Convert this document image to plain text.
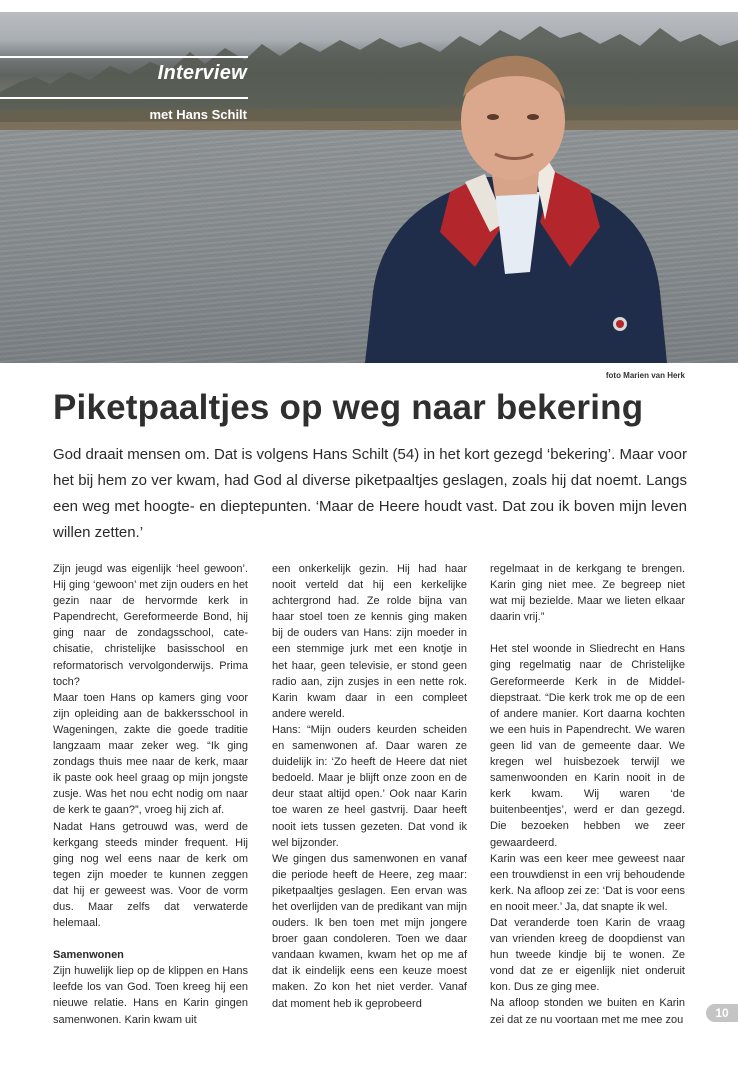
Interview
met Hans Schilt
foto Marien van Herk
Piketpaaltjes op weg naar bekering

God draait mensen om. Dat is volgens Hans Schilt (54) in het kort gezegd ‘bekering’. Maar voor het bij hem zo ver kwam, had God al diverse piketpaaltjes geslagen, zoals hij dat noemt. Langs een weg met hoogte- en dieptepunten. ‘Maar de Heere houdt vast. Dat zou ik boven mijn leven willen zetten.’

Zijn jeugd was eigenlijk ‘heel gewoon’. Hij ging ‘gewoon’ met zijn ouders en het gezin naar de hervormde kerk in Papendrecht, Gereformeerde Bond, hij ging naar de zondagsschool, cate-chisatie, christelijke basisschool en reformatorisch vervolgonderwijs. Prima toch?

Maar toen Hans op kamers ging voor zijn opleiding aan de bakkersschool in Wageningen, zakte die goede traditie langzaam maar zeker weg. “Ik ging zondags thuis mee naar de kerk, maar ik paste ook heel graag op mijn jongste zusje. Was het nou echt nodig om naar de kerk te gaan?”, vroeg hij zich af.

Nadat Hans getrouwd was, werd de kerkgang steeds minder frequent. Hij ging nog wel eens naar de kerk om tegen zijn moeder te kunnen zeggen dat hij er geweest was. Voor de vorm dus. Maar zelfs dat verwaterde helemaal.

Samenwonen

Zijn huwelijk liep op de klippen en Hans leefde los van God. Toen kreeg hij een nieuwe relatie. Hans en Karin gingen samenwonen. Karin kwam uit

een onkerkelijk gezin. Hij had haar nooit verteld dat hij een kerkelijke achtergrond had. Ze rolde bijna van haar stoel toen ze kennis ging maken bij de ouders van Hans: zijn moeder in een stemmige jurk met een knotje in het haar, geen televisie, er stond geen radio aan, zijn zusjes in een nette rok. Karin kwam daar in een compleet andere wereld.

Hans: “Mijn ouders keurden scheiden en samenwonen af. Daar waren ze duidelijk in: ‘Zo heeft de Heere dat niet bedoeld. Maar je blijft onze zoon en de deur staat altijd open.’ Ook naar Karin toe waren ze heel gastvrij. Daar heeft nooit iets tussen gezeten. Dat vond ik wel bijzonder.

We gingen dus samenwonen en vanaf die periode heeft de Heere, zeg maar: piketpaaltjes geslagen. Een ervan was het overlijden van de predikant van mijn ouders. Ik ben toen met mijn jongere broer gaan condoleren. Toen we daar vandaan kwamen, kwam het op me af dat ik eindelijk eens een keuze moest maken. Zo kon het niet verder. Vanaf dat moment heb ik geprobeerd

regelmaat in de kerkgang te brengen. Karin ging niet mee. Ze begreep niet wat mij bezielde. Maar we lieten elkaar daarin vrij.”

Het stel woonde in Sliedrecht en Hans ging regelmatig naar de Christelijke Gereformeerde Kerk in de Middel-diepstraat. “Die kerk trok me op de een of andere manier. Kort daarna kochten we een huis in Papendrecht. We waren geen lid van de gemeente daar. We kregen wel huisbezoek terwijl we samenwoonden en Karin nooit in de kerk kwam. Wij waren ‘de buitenbeentjes’, werd er dan gezegd. Die bezoeken hebben we zeer gewaardeerd.

Karin was een keer mee geweest naar een trouwdienst in een vrij behoudende kerk. Na afloop zei ze: ‘Dat is voor eens en nooit meer.’ Ja, dat snapte ik wel.

Dat veranderde toen Karin de vraag van vrienden kreeg de doopdienst van hun tweede kindje bij te wonen. Ze vond dat ze er eigenlijk niet onderuit kon. Dus ze ging mee.

Na afloop stonden we buiten en Karin zei dat ze nu voortaan met me mee zou	10
